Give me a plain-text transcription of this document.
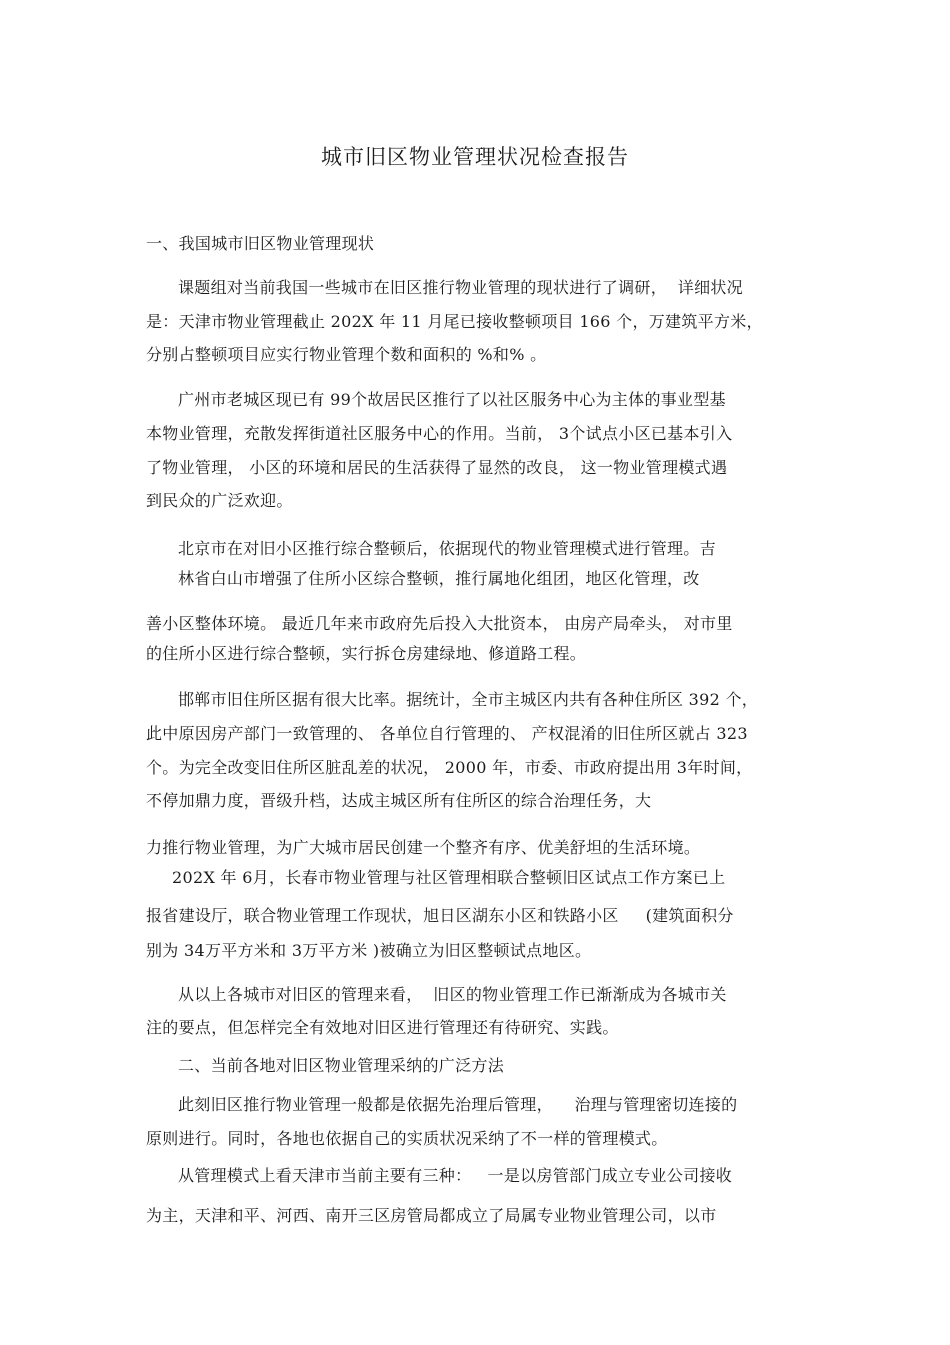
城市旧区物业管理状况检查报告
一、我国城市旧区物业管理现状
课题组对当前我国一些城市在旧区推行物业管理的现状进行了调研，  详细状况
是：天津市物业管理截止 202X 年 11 月尾已接收整顿项目 166 个，万建筑平方米，
分别占整顿项目应实行物业管理个数和面积的 %和% 。
广州市老城区现已有 99个故居民区推行了以社区服务中心为主体的事业型基
本物业管理，充散发挥街道社区服务中心的作用。当前， 3个试点小区已基本引入
了物业管理， 小区的环境和居民的生活获得了显然的改良， 这一物业管理模式遇
到民众的广泛欢迎。
北京市在对旧小区推行综合整顿后，依据现代的物业管理模式进行管理。吉
林省白山市增强了住所小区综合整顿，推行属地化组团，地区化管理，改
善小区整体环境。 最近几年来市政府先后投入大批资本， 由房产局牵头， 对市里
的住所小区进行综合整顿，实行拆仓房建绿地、修道路工程。
邯郸市旧住所区据有很大比率。据统计，全市主城区内共有各种住所区 392 个，
此中原因房产部门一致管理的、 各单位自行管理的、 产权混淆的旧住所区就占 323
个。为完全改变旧住所区脏乱差的状况， 2000 年，市委、市政府提出用 3年时间，
不停加鼎力度，晋级升档，达成主城区所有住所区的综合治理任务，大
力推行物业管理，为广大城市居民创建一个整齐有序、优美舒坦的生活环境。
202X 年 6月，长春市物业管理与社区管理相联合整顿旧区试点工作方案已上
报省建设厅，联合物业管理工作现状，旭日区湖东小区和铁路小区     (建筑面积分
别为 34万平方米和 3万平方米 )被确立为旧区整顿试点地区。
从以上各城市对旧区的管理来看，  旧区的物业管理工作已渐渐成为各城市关
注的要点，但怎样完全有效地对旧区进行管理还有待研究、实践。
二、当前各地对旧区物业管理采纳的广泛方法
此刻旧区推行物业管理一般都是依据先治理后管理，    治理与管理密切连接的
原则进行。同时，各地也依据自己的实质状况采纳了不一样的管理模式。
从管理模式上看天津市当前主要有三种：   一是以房管部门成立专业公司接收
为主，天津和平、河西、南开三区房管局都成立了局属专业物业管理公司，以市
